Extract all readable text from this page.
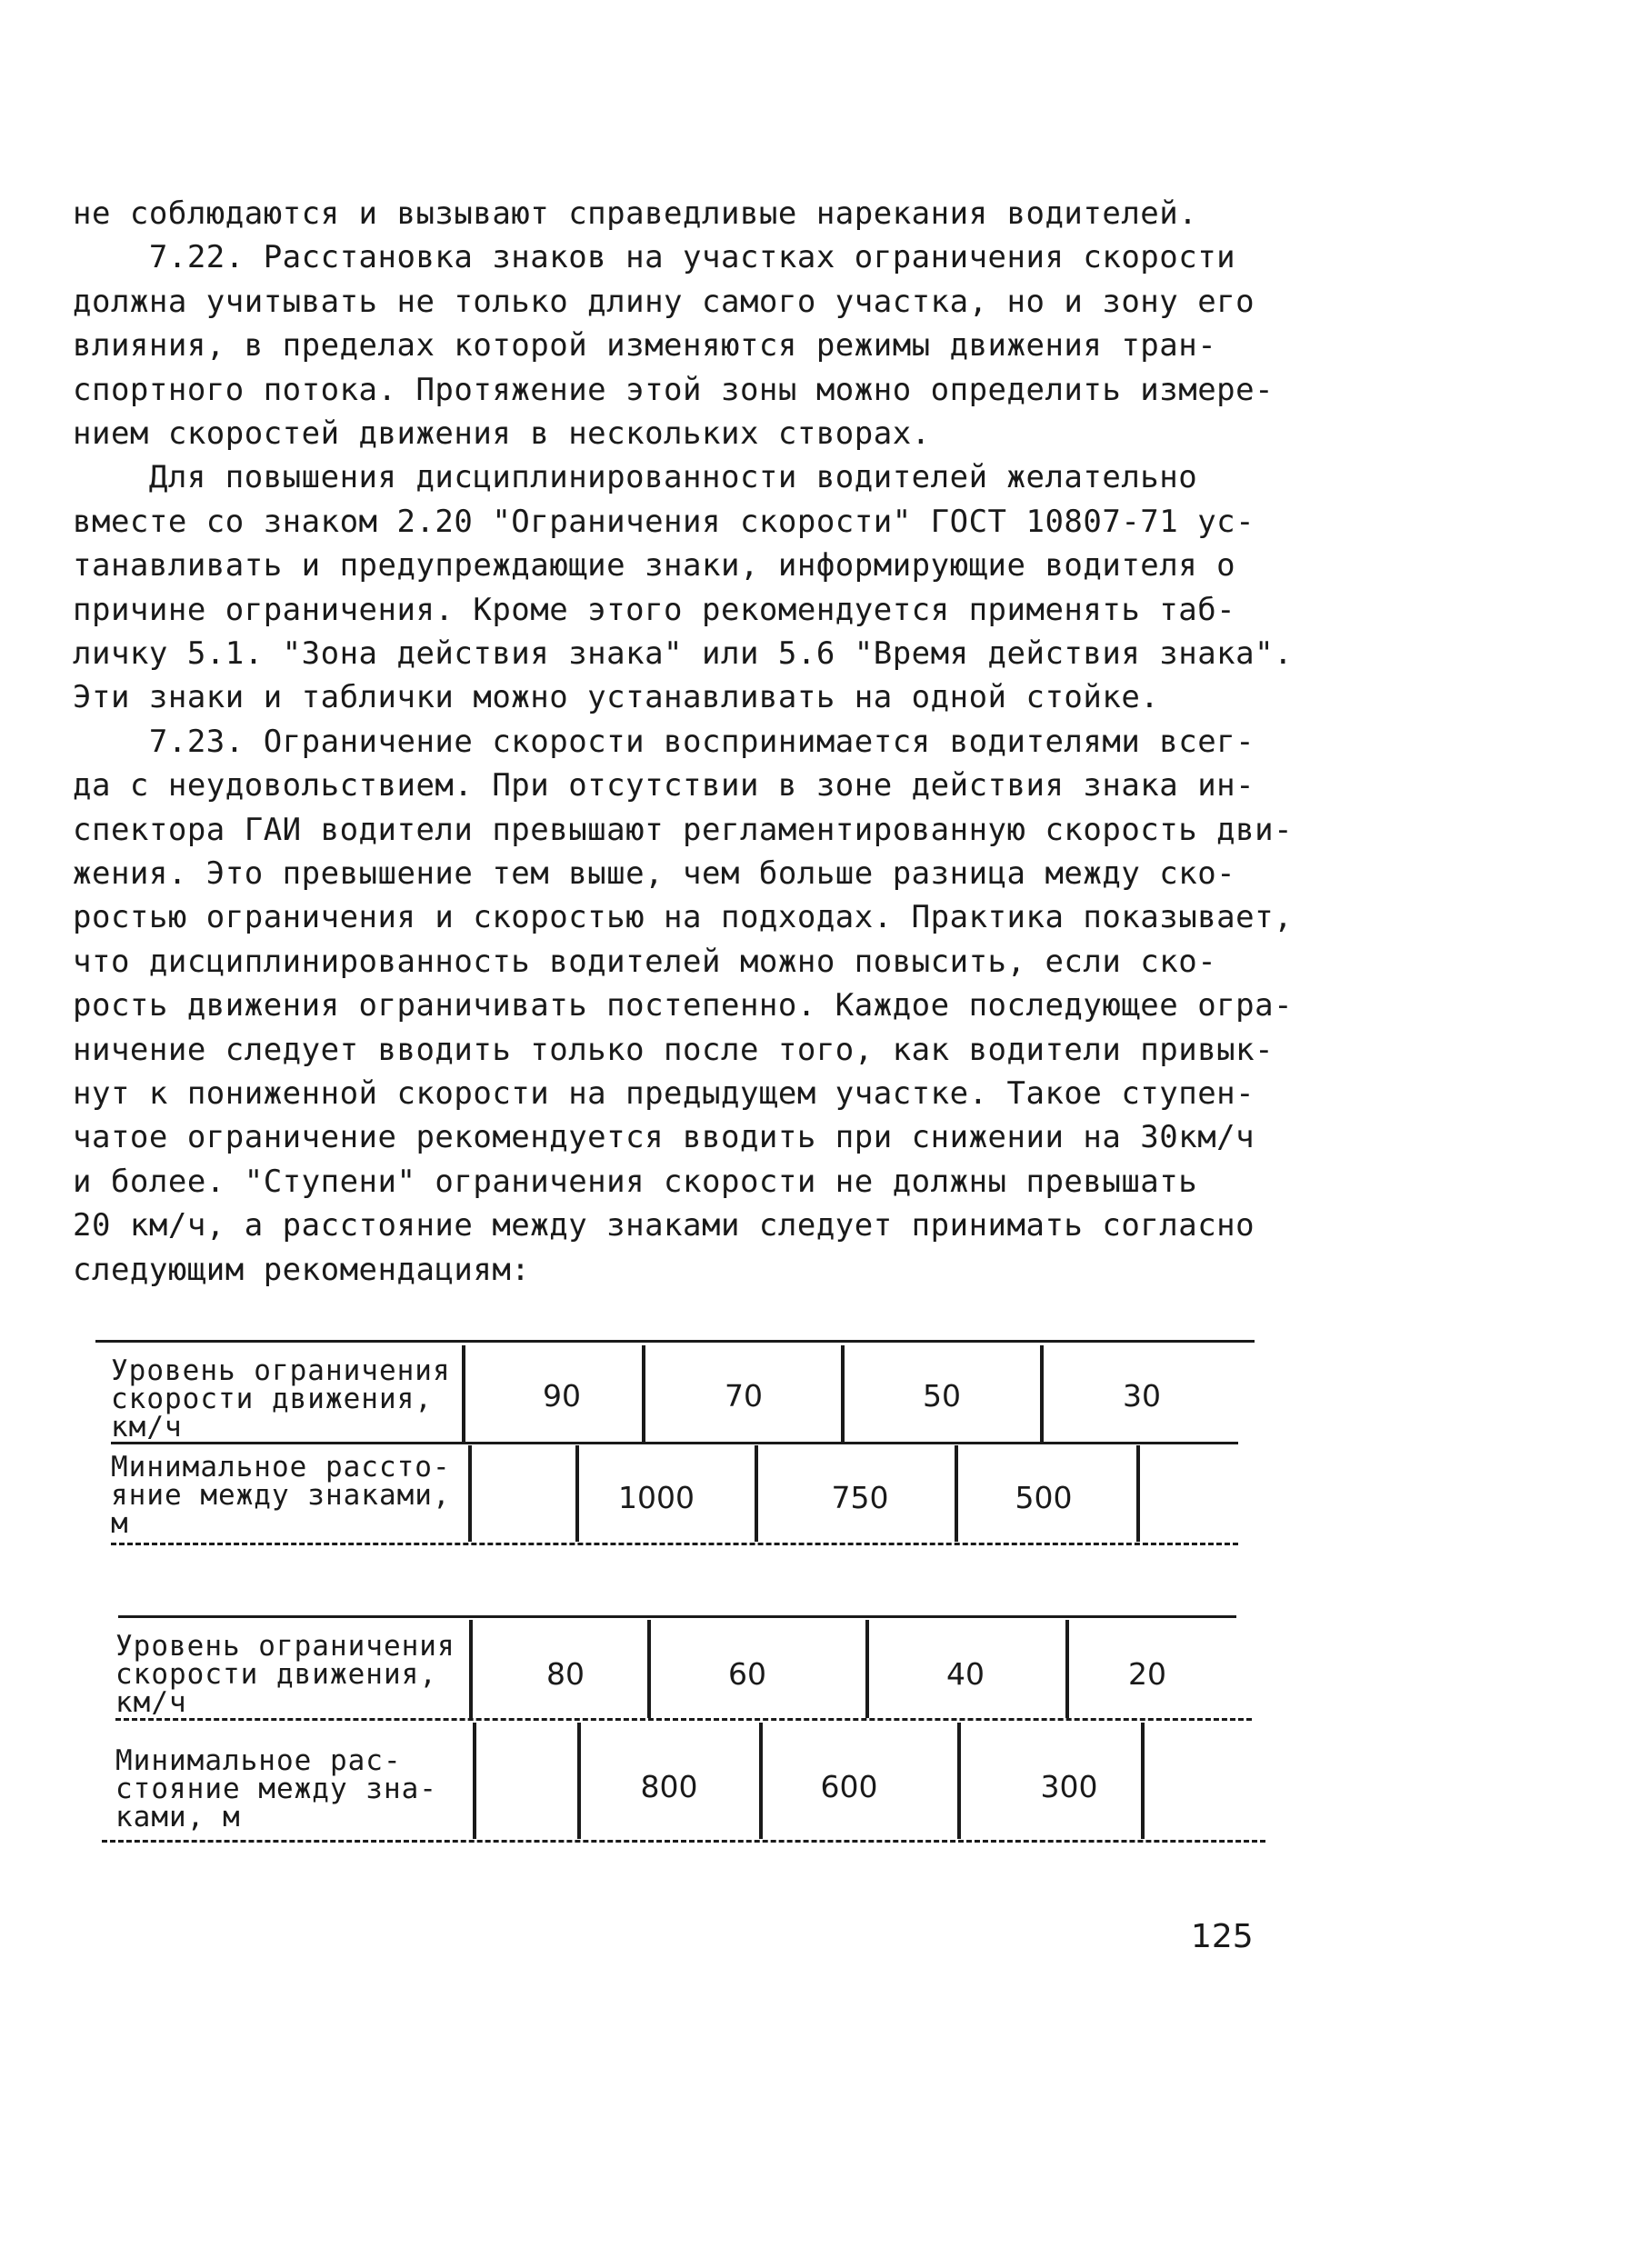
не соблюдаются и вызывают справедливые нарекания водителей.
7.22. Расстановка знаков на участках ограничения скорости
должна учитывать не только длину самого участка, но и зону его
влияния, в пределах которой изменяются режимы движения тран-
спортного потока. Протяжение этой зоны можно определить измере-
нием скоростей движения в нескольких створах.
Для повышения дисциплинированности водителей желательно
вместе со знаком 2.20 "Ограничения скорости" ГОСТ 10807-71 ус-
танавливать и предупреждающие знаки, информирующие водителя о
причине ограничения. Кроме этого рекомендуется применять таб-
личку 5.1. "Зона действия знака" или 5.6 "Время действия знака".
Эти знаки и таблички можно устанавливать на одной стойке.
7.23. Ограничение скорости воспринимается водителями всег-
да с неудовольствием. При отсутствии в зоне действия знака ин-
спектора ГАИ водители превышают регламентированную скорость дви-
жения. Это превышение тем выше, чем больше разница между ско-
ростью ограничения и скоростью на подходах. Практика показывает,
что дисциплинированность водителей можно повысить, если ско-
рость движения ограничивать постепенно. Каждое последующее огра-
ничение следует вводить только после того, как водители привык-
нут к пониженной скорости на предыдущем участке. Такое ступен-
чатое ограничение рекомендуется вводить при снижении на 30км/ч
и более. "Ступени" ограничения скорости не должны превышать
20 км/ч, а расстояние между знаками следует принимать согласно
следующим рекомендациям:
Уровень ограничения
скорости движения,
км/ч
90	70	50	30
Минимальное рассто-
яние между знаками,
м
1000	750	500
Уровень ограничения
скорости движения,
км/ч
80	60	40	20
Минимальное рас-
стояние между зна-
ками, м
800	600	300
125
